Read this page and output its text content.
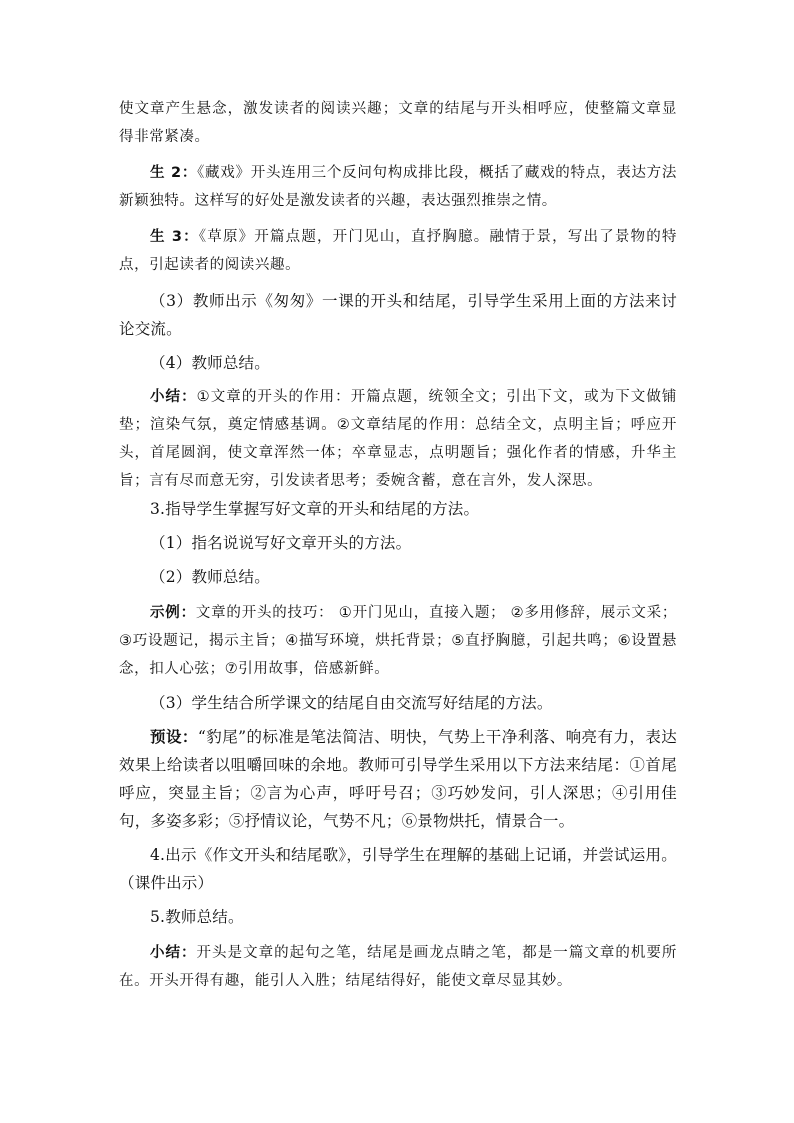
使文章产生悬念，激发读者的阅读兴趣；文章的结尾与开头相呼应，使整篇文章显得非常紧凑。

生 2：《藏戏》开头连用三个反问句构成排比段，概括了藏戏的特点，表达方法新颖独特。这样写的好处是激发读者的兴趣，表达强烈推崇之情。

生 3：《草原》开篇点题，开门见山，直抒胸臆。融情于景，写出了景物的特点，引起读者的阅读兴趣。

（3）教师出示《匆匆》一课的开头和结尾，引导学生采用上面的方法来讨论交流。

（4）教师总结。

小结：①文章的开头的作用：开篇点题，统领全文；引出下文，或为下文做铺垫；渲染气氛，奠定情感基调。②文章结尾的作用：总结全文，点明主旨；呼应开头，首尾圆润，使文章浑然一体；卒章显志，点明题旨；强化作者的情感，升华主旨；言有尽而意无穷，引发读者思考；委婉含蓄，意在言外，发人深思。

3.指导学生掌握写好文章的开头和结尾的方法。

（1）指名说说写好文章开头的方法。

（2）教师总结。

示例：文章的开头的技巧： ①开门见山，直接入题； ②多用修辞，展示文采；③巧设题记，揭示主旨；④描写环境，烘托背景；⑤直抒胸臆，引起共鸣；⑥设置悬念，扣人心弦；⑦引用故事，倍感新鲜。

（3）学生结合所学课文的结尾自由交流写好结尾的方法。

预设：“豹尾”的标准是笔法简洁、明快，气势上干净利落、响亮有力，表达效果上给读者以咀嚼回味的余地。教师可引导学生采用以下方法来结尾：①首尾呼应，突显主旨；②言为心声，呼吁号召；③巧妙发问，引人深思；④引用佳句，多姿多彩；⑤抒情议论，气势不凡；⑥景物烘托，情景合一。

4.出示《作文开头和结尾歌》，引导学生在理解的基础上记诵，并尝试运用。（课件出示）

5.教师总结。

小结：开头是文章的起句之笔，结尾是画龙点睛之笔，都是一篇文章的机要所在。开头开得有趣，能引人入胜；结尾结得好，能使文章尽显其妙。
